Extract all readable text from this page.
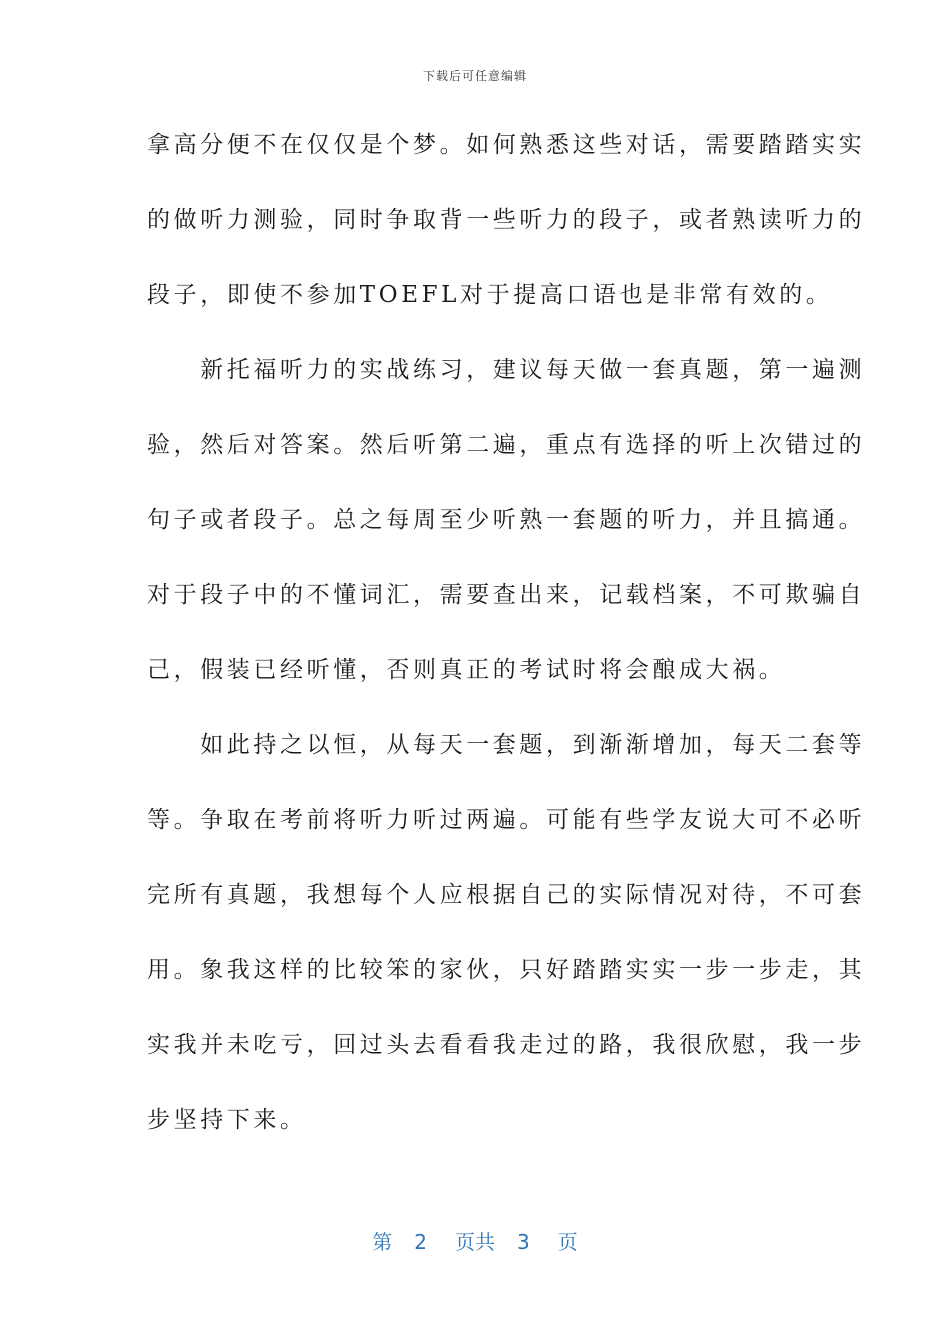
下载后可任意编辑
拿高分便不在仅仅是个梦。如何熟悉这些对话，需要踏踏实实
的做听力测验，同时争取背一些听力的段子，或者熟读听力的
段子，即使不参加TOEFL对于提高口语也是非常有效的。
　　新托福听力的实战练习，建议每天做一套真题，第一遍测
验，然后对答案。然后听第二遍，重点有选择的听上次错过的
句子或者段子。总之每周至少听熟一套题的听力，并且搞通。
对于段子中的不懂词汇，需要查出来，记载档案，不可欺骗自
己，假装已经听懂，否则真正的考试时将会酿成大祸。
　　如此持之以恒，从每天一套题，到渐渐增加，每天二套等
等。争取在考前将听力听过两遍。可能有些学友说大可不必听
完所有真题，我想每个人应根据自己的实际情况对待，不可套
用。象我这样的比较笨的家伙，只好踏踏实实一步一步走，其
实我并未吃亏，回过头去看看我走过的路，我很欣慰，我一步
步坚持下来。
第 2 页共 3 页
